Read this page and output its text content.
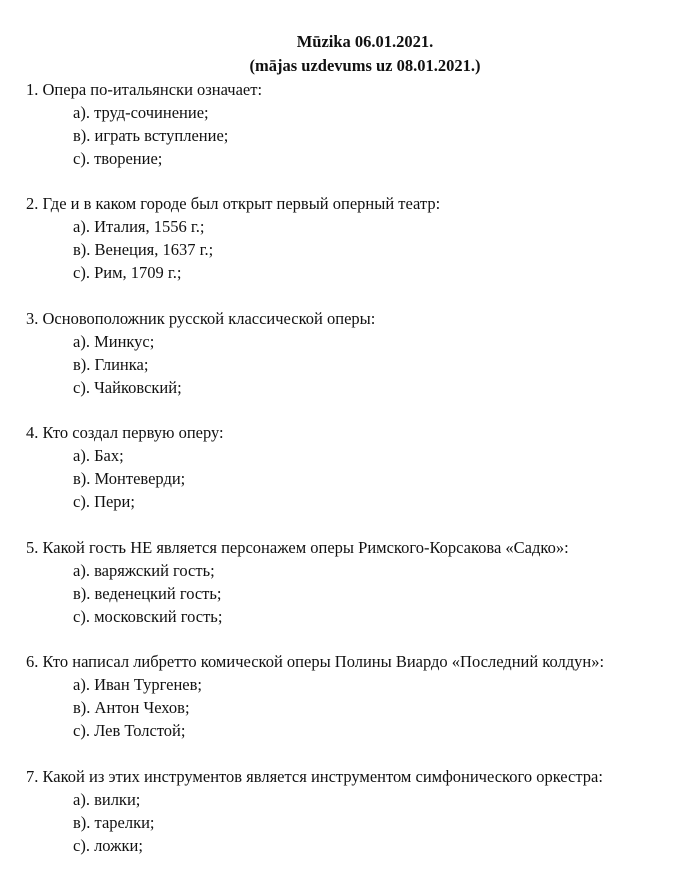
Mūzika 06.01.2021.
(mājas uzdevums uz 08.01.2021.)
1. Опера по-итальянски означает:
а). труд-сочинение;
в). играть вступление;
с). творение;
2. Где и в каком городе был открыт первый оперный театр:
а). Италия, 1556 г.;
в). Венеция, 1637 г.;
с). Рим, 1709 г.;
3. Основоположник русской классической оперы:
а). Минкус;
в). Глинка;
с). Чайковский;
4. Кто создал первую оперу:
а). Бах;
в). Монтеверди;
с). Пери;
5. Какой гость НЕ является персонажем оперы Римского-Корсакова «Садко»:
а). варяжский гость;
в). веденецкий гость;
с). московский гость;
6. Кто написал либретто комической оперы Полины Виардо «Последний колдун»:
а). Иван Тургенев;
в). Антон Чехов;
с). Лев Толстой;
7. Какой из этих инструментов является инструментом симфонического оркестра:
а). вилки;
в). тарелки;
с). ложки;
